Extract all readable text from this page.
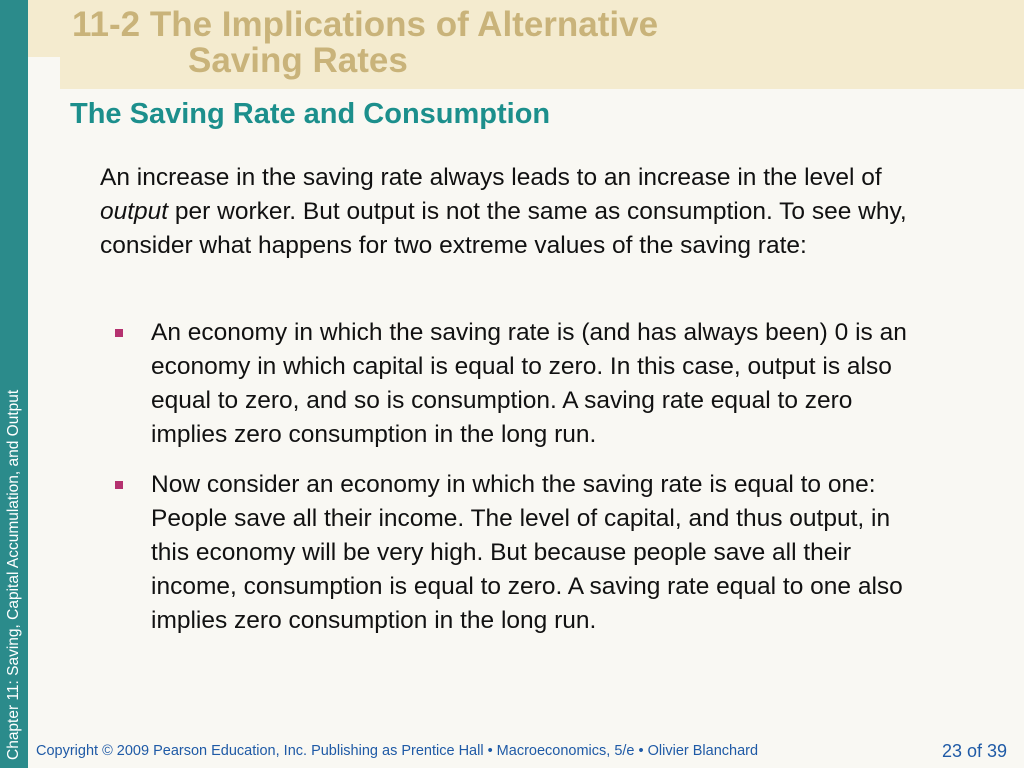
Chapter 11: Saving, Capital Accumulation, and Output
11-2 The Implications of Alternative
Saving Rates
The Saving Rate and Consumption

An increase in the saving rate always leads to an increase in the level of output per worker. But output is not the same as consumption. To see why, consider what happens for two extreme values of the saving rate:

An economy in which the saving rate is (and has always been) 0 is an economy in which capital is equal to zero. In this case, output is also equal to zero, and so is consumption. A saving rate equal to zero implies zero consumption in the long run.
Now consider an economy in which the saving rate is equal to one: People save all their income. The level of capital, and thus output, in this economy will be very high. But because people save all their income, consumption is equal to zero. A saving rate equal to one also implies zero consumption in the long run.
Copyright © 2009 Pearson Education, Inc. Publishing as Prentice Hall • Macroeconomics, 5/e • Olivier Blanchard	23 of 39
